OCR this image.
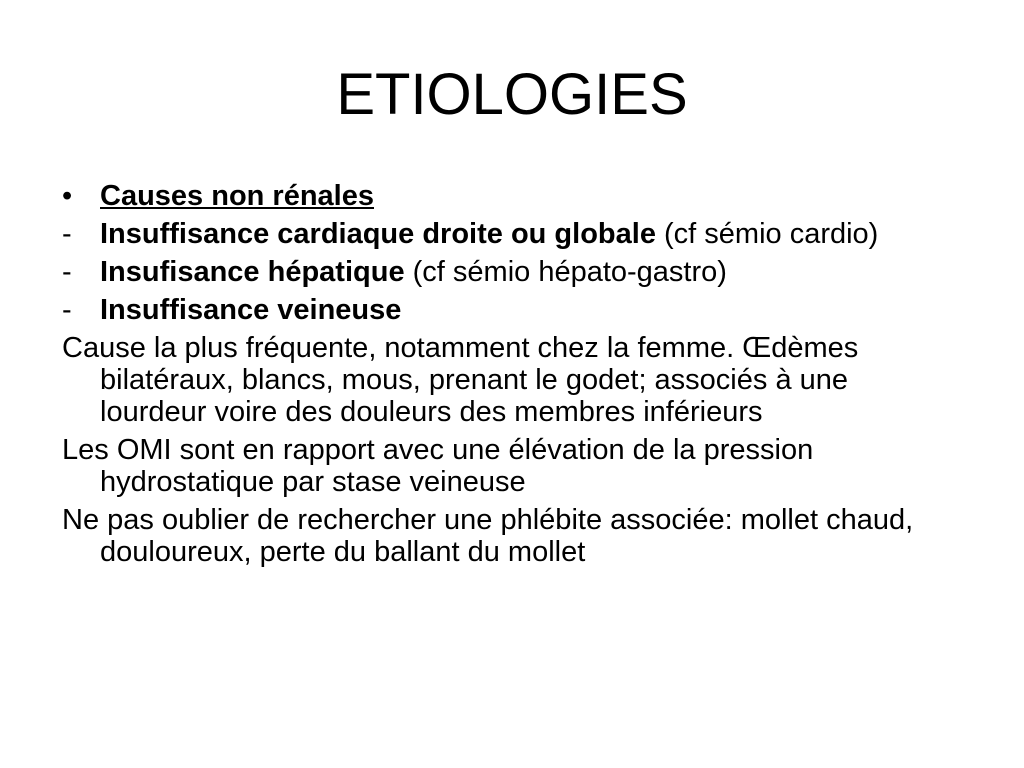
ETIOLOGIES
• Causes non rénales
- Insuffisance cardiaque droite ou globale (cf sémio cardio)
- Insufisance hépatique (cf sémio hépato-gastro)
- Insuffisance veineuse
Cause la plus fréquente, notamment chez la femme. Œdèmes bilatéraux, blancs, mous, prenant le godet; associés à une lourdeur voire des douleurs des membres inférieurs
Les OMI sont en rapport avec une élévation de la pression hydrostatique par stase veineuse
Ne pas oublier de rechercher une phlébite associée: mollet chaud, douloureux, perte du ballant du mollet
